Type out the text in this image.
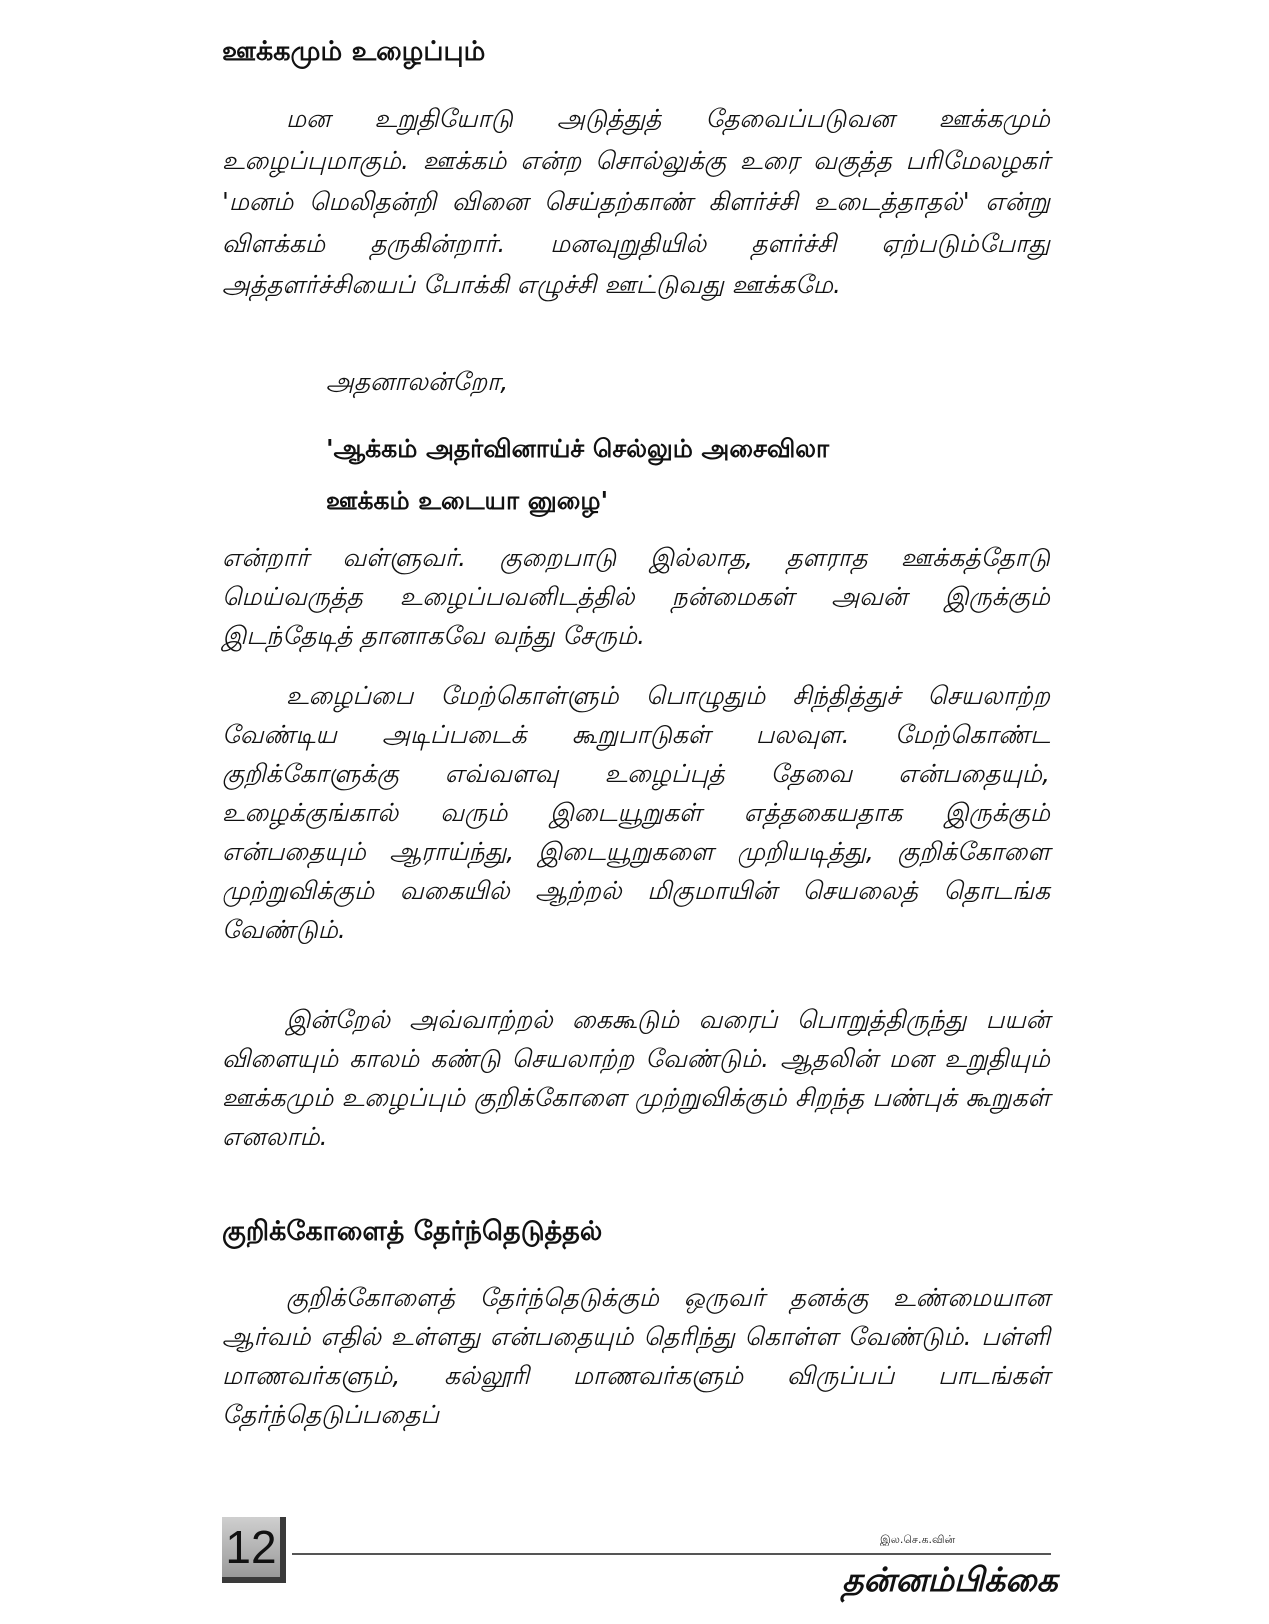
ஊக்கமும் உழைப்பும்

மன உறுதியோடு அடுத்துத் தேவைப்படுவன ஊக்கமும் உழைப்புமாகும். ஊக்கம் என்ற சொல்லுக்கு உரை வகுத்த பரிமேலழகர் 'மனம் மெலிதன்றி வினை செய்தற்காண் கிளர்ச்சி உடைத்தாதல்' என்று விளக்கம் தருகின்றார். மனவுறுதியில் தளர்ச்சி ஏற்படும்போது அத்தளர்ச்சியைப் போக்கி எழுச்சி ஊட்டுவது ஊக்கமே.

அதனாலன்றோ,

'ஆக்கம் அதர்வினாய்ச் செல்லும் அசைவிலா

ஊக்கம் உடையா னுழை'

என்றார் வள்ளுவர். குறைபாடு இல்லாத, தளராத ஊக்கத்தோடு மெய்வருத்த உழைப்பவனிடத்தில் நன்மைகள் அவன் இருக்கும் இடந்தேடித் தானாகவே வந்து சேரும்.

உழைப்பை மேற்கொள்ளும் பொழுதும் சிந்தித்துச் செயலாற்ற வேண்டிய அடிப்படைக் கூறுபாடுகள் பலவுள. மேற்கொண்ட குறிக்கோளுக்கு எவ்வளவு உழைப்புத் தேவை என்பதையும், உழைக்குங்கால் வரும் இடையூறுகள் எத்தகையதாக இருக்கும் என்பதையும் ஆராய்ந்து, இடையூறுகளை முறியடித்து, குறிக்கோளை முற்றுவிக்கும் வகையில் ஆற்றல் மிகுமாயின் செயலைத் தொடங்க வேண்டும்.

இன்றேல் அவ்வாற்றல் கைகூடும் வரைப் பொறுத்திருந்து பயன் விளையும் காலம் கண்டு செயலாற்ற வேண்டும். ஆதலின் மன உறுதியும் ஊக்கமும் உழைப்பும் குறிக்கோளை முற்றுவிக்கும் சிறந்த பண்புக் கூறுகள் எனலாம்.

குறிக்கோளைத் தேர்ந்தெடுத்தல்

குறிக்கோளைத் தேர்ந்தெடுக்கும் ஒருவர் தனக்கு உண்மையான ஆர்வம் எதில் உள்ளது என்பதையும் தெரிந்து கொள்ள வேண்டும். பள்ளி மாணவர்களும், கல்லூரி மாணவர்களும் விருப்பப் பாடங்கள் தேர்ந்தெடுப்பதைப்

12	இல.செ.க.வின்
தன்னம்பிக்கை
